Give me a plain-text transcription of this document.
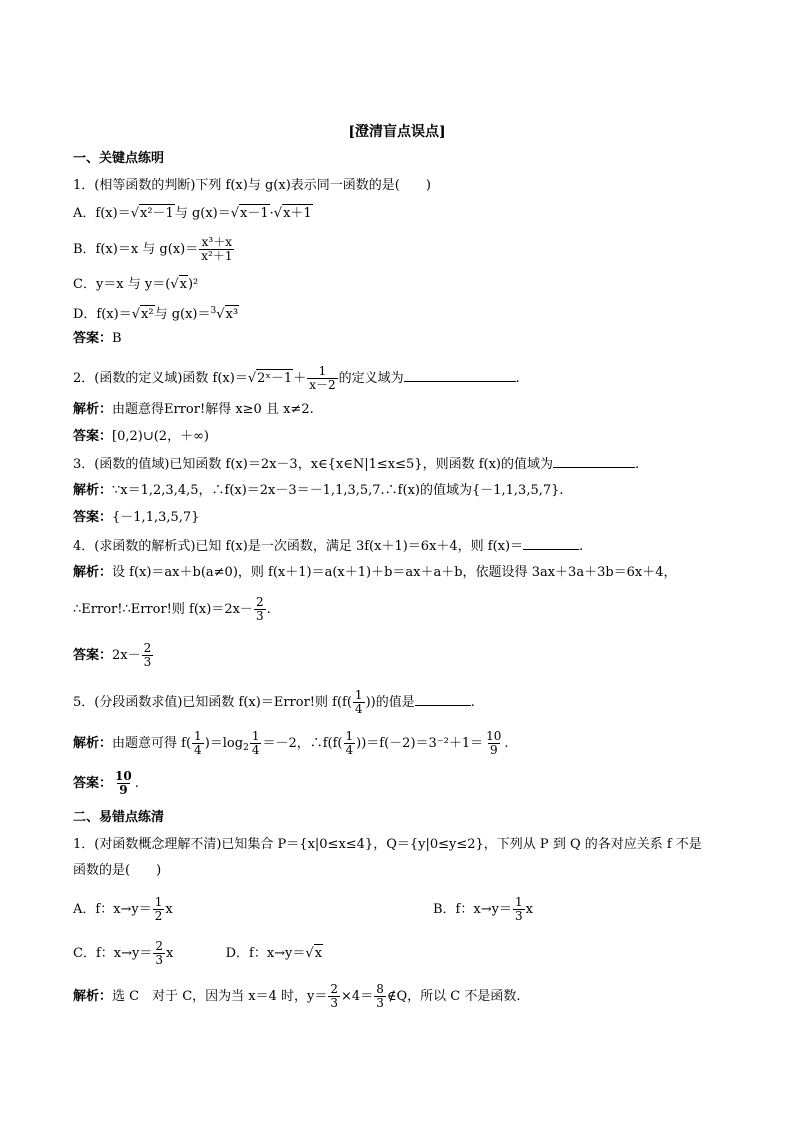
[澄清盲点误点]
一、关键点练明
1．(相等函数的判断)下列 f(x)与 g(x)表示同一函数的是(　　)
A．f(x)＝√x²－1与 g(x)＝√x－1·√x＋1
B．f(x)＝x 与 $g(x)= \frac{\text{x³＋x}}{\text{x²＋1}}$
C．y＝x 与 y＝(√x)²
D．f(x)＝√x²与 g(x)＝$^3$√x³
答案：B
2．(函数的定义域)函数 f(x)＝√2ˣ－1＋ $\frac{1}{x-2}$ 的定义域为	.
解析：由题意得Error!解得 x≥0 且 x≠2.
答案：[0,2)∪(2，＋∞)
3．(函数的值域)已知函数 f(x)＝2x－3，x∈{x∈N|1≤x≤5}，则函数 f(x)的值域为	.
解析：∵x＝1,2,3,4,5，∴f(x)＝2x－3＝－1,1,3,5,7.∴f(x)的值域为{－1,1,3,5,7}.
答案：{－1,1,3,5,7}
4．(求函数的解析式)已知 f(x)是一次函数，满足 3f(x＋1)＝6x＋4，则 f(x)＝	.
解析：设 f(x)＝ax＋b(a≠0)，则 f(x＋1)＝a(x＋1)＋b＝ax＋a＋b，依题设得 3ax＋3a＋3b＝6x＋4，
∴Error!∴Error!则 $f(x)=2x- \frac{2}{3}$ .
答案：$2x- \frac{2}{3}$
5．(分段函数求值)已知函数 f(x)＝Error!则 $f(f( \frac{1}{4}$ ))的值是	.
解析：由题意可得 $f( \frac{1}{4} )=\log_2 \frac{1}{4} =-2$，∴f(f( $\frac{1}{4} ))=f(-2)=3^{-2}+1= \frac{10}{9}$ .
答案： $\frac{10}{9}$ .
二、易错点练清
1．(对函数概念理解不清)已知集合 P＝{x|0≤x≤4}，Q＝{y|0≤y≤2}，下列从 P 到 Q 的各对应关系 f 不是
函数的是(　　)
A．f：$x\to y= \frac{1}{2}$ x	B．f：$x\to y= \frac{1}{3}$ x
C．f：$x\to y= \frac{2}{3}$ x	D．f：x→y＝√x
解析：选 C　对于 C，因为当 x＝4 时，$y= \frac{2}{3} \times 4= \frac{8}{3}$ ∉Q，所以 C 不是函数.
